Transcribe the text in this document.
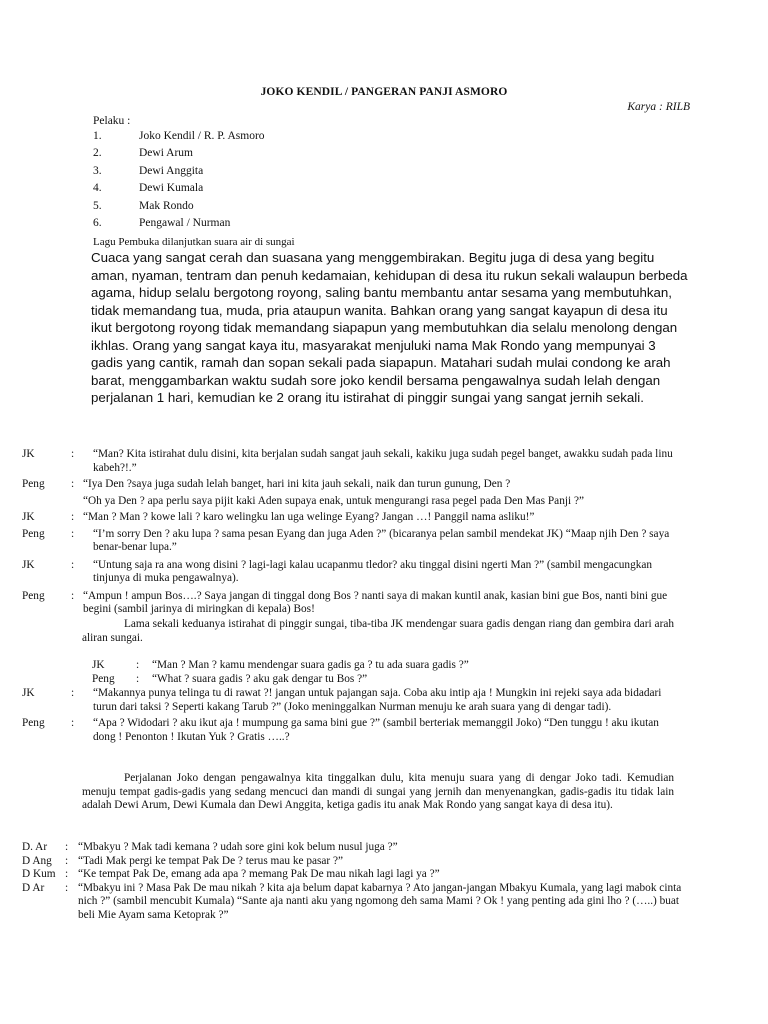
JOKO KENDIL / PANGERAN PANJI ASMORO
Karya : RILB
Pelaku :
1.	Joko Kendil / R. P. Asmoro
2.	Dewi Arum
3.	Dewi Anggita
4.	Dewi Kumala
5.	Mak Rondo
6.	Pengawal / Nurman
Lagu Pembuka dilanjutkan suara air di sungai

Cuaca yang sangat cerah dan suasana yang menggembirakan. Begitu juga di desa yang begitu aman, nyaman, tentram dan penuh kedamaian, kehidupan di desa itu rukun sekali walaupun berbeda agama, hidup selalu bergotong royong, saling bantu membantu antar sesama yang membutuhkan, tidak memandang tua, muda, pria ataupun wanita. Bahkan orang yang sangat kayapun di desa itu ikut bergotong royong tidak memandang siapapun yang membutuhkan dia selalu menolong dengan ikhlas. Orang yang sangat kaya itu, masyarakat menjuluki nama Mak Rondo yang mempunyai 3 gadis yang cantik, ramah dan sopan sekali pada siapapun. Matahari sudah mulai condong ke arah barat, menggambarkan waktu sudah sore joko kendil bersama pengawalnya sudah lelah dengan perjalanan 1 hari, kemudian ke 2 orang itu istirahat di pinggir sungai yang sangat jernih sekali.

JK	:	“Man? Kita istirahat dulu disini, kita berjalan sudah sangat jauh sekali, kakiku juga sudah pegel banget, awakku sudah pada linu kabeh?!.”
Peng	: “Iya Den ?saya juga sudah lelah banget, hari ini kita jauh sekali, naik dan turun gunung, Den ?
“Oh ya Den ? apa perlu saya pijit kaki Aden supaya enak, untuk mengurangi rasa pegel pada Den Mas Panji ?”
JK	: “Man ? Man ? kowe lali ? karo welingku lan uga welinge Eyang? Jangan …! Panggil nama asliku!”
Peng	:	“I’m sorry Den ? aku lupa ? sama pesan Eyang dan juga Aden ?” (bicaranya pelan sambil mendekat JK) “Maap njih Den ? saya benar-benar lupa.”
JK	:	“Untung saja ra ana wong disini ? lagi-lagi kalau ucapanmu tledor? aku tinggal disini ngerti Man ?” (sambil mengacungkan tinjunya di muka pengawalnya).
Peng	: “Ampun ! ampun Bos….? Saya jangan di tinggal dong Bos ? nanti saya di makan kuntil anak, kasian bini gue Bos, nanti bini gue begini (sambil jarinya di miringkan di kepala) Bos!
Lama sekali keduanya istirahat di pinggir sungai, tiba-tiba JK mendengar suara gadis dengan riang dan gembira dari arah aliran sungai.
JK	:	“Man ? Man ? kamu mendengar suara gadis ga ? tu ada suara gadis ?”
Peng	:	“What ? suara gadis ? aku gak dengar tu Bos ?”
JK	:	“Makannya punya telinga tu di rawat ?! jangan untuk pajangan saja. Coba aku intip aja ! Mungkin ini rejeki saya ada bidadari turun dari taksi ? Seperti kakang Tarub ?” (Joko meninggalkan Nurman menuju ke arah suara yang di dengar tadi).
Peng	:	“Apa ? Widodari ? aku ikut aja ! mumpung ga sama bini gue ?” (sambil berteriak memanggil Joko) “Den tunggu ! aku ikutan dong ! Penonton ! Ikutan Yuk ? Gratis …..?
Perjalanan Joko dengan pengawalnya kita tinggalkan dulu, kita menuju suara yang di dengar Joko tadi. Kemudian menuju tempat gadis-gadis yang sedang mencuci dan mandi di sungai yang jernih dan menyenangkan, gadis-gadis itu tidak lain adalah Dewi Arum, Dewi Kumala dan Dewi Anggita, ketiga gadis itu anak Mak Rondo yang sangat kaya di desa itu).
D. Ar	: “Mbakyu ? Mak tadi kemana ? udah sore gini kok belum nusul juga ?”
D Ang	: “Tadi Mak pergi ke tempat Pak De ? terus mau ke pasar ?”
D Kum : “Ke tempat Pak De, emang ada apa ? memang Pak De mau nikah lagi lagi ya ?”
D Ar	: “Mbakyu ini ? Masa Pak De mau nikah ? kita aja belum dapat kabarnya ? Ato jangan-jangan Mbakyu Kumala, yang lagi mabok cinta nich ?” (sambil mencubit Kumala) “Sante aja nanti aku yang ngomong deh sama Mami ? Ok ! yang penting ada gini lho ? (…..) buat beli Mie Ayam sama Ketoprak ?”
